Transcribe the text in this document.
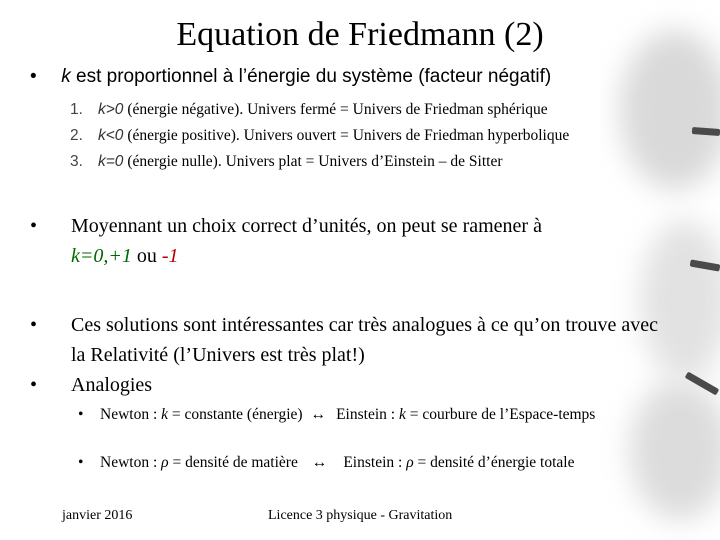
Equation de Friedmann (2)
• k est proportionnel à l’énergie du système (facteur négatif)
1. k>0 (énergie négative). Univers fermé = Univers de Friedman sphérique
2. k<0 (énergie positive). Univers ouvert = Univers de Friedman hyperbolique
3. k=0 (énergie nulle). Univers plat = Univers d’Einstein – de Sitter
•	Moyennant un choix correct d’unités, on peut se ramener à
k=0,+1 ou -1
•	Ces solutions sont intéressantes car très analogues à ce qu’on trouve avec la Relativité (l’Univers est très plat!)
•	Analogies
•	Newton : k = constante (énergie) ↔ Einstein : k = courbure de l’Espace-temps
•	Newton : ρ = densité de matière ↔ Einstein : ρ = densité d’énergie totale
janvier 2016	Licence 3 physique - Gravitation
